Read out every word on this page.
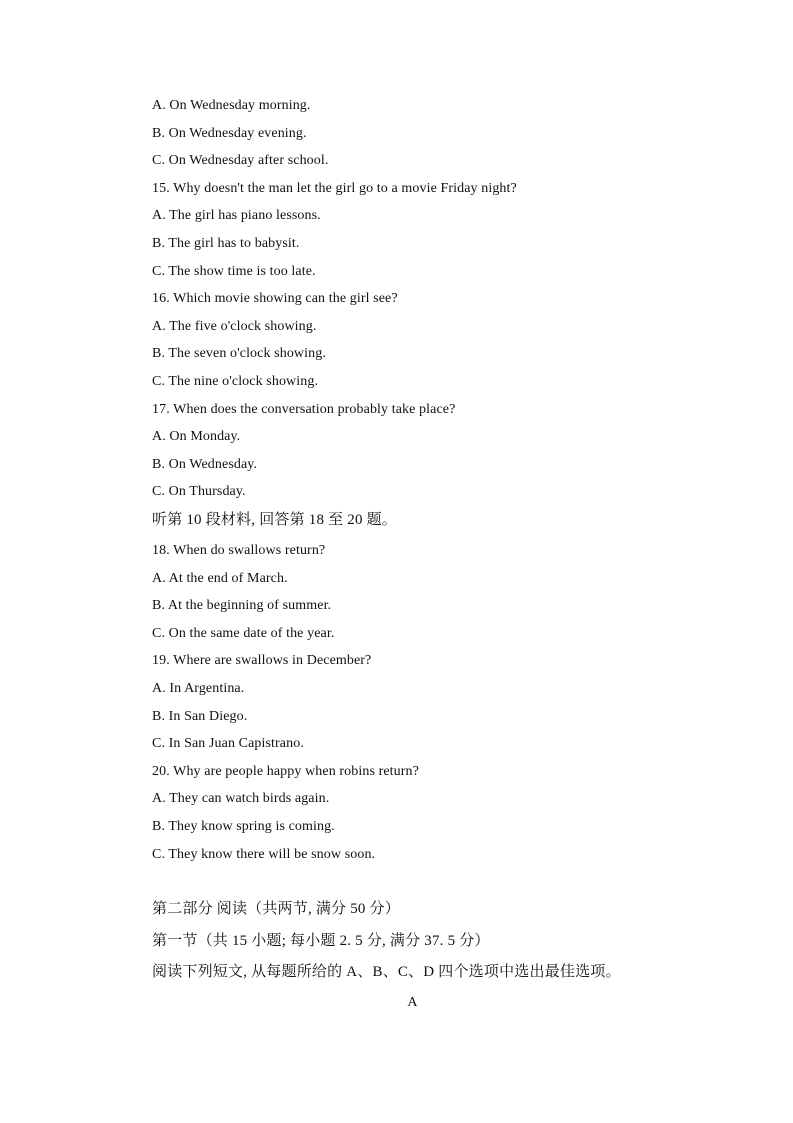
A. On Wednesday morning.

B. On Wednesday evening.

C. On Wednesday after school.

15. Why doesn't the man let the girl go to a movie Friday night?

A. The girl has piano lessons.

B. The girl has to babysit.

C. The show time is too late.

16. Which movie showing can the girl see?

A. The five o'clock showing.

B. The seven o'clock showing.

C. The nine o'clock showing.

17. When does the conversation probably take place?

A. On Monday.

B. On Wednesday.

C. On Thursday.

听第 10 段材料, 回答第 18 至 20 题。

18. When do swallows return?

A. At the end of March.

B. At the beginning of summer.

C. On the same date of the year.

19. Where are swallows in December?

A. In Argentina.

B. In San Diego.

C. In San Juan Capistrano.

20. Why are people happy when robins return?

A. They can watch birds again.

B. They know spring is coming.

C. They know there will be snow soon.

第二部分 阅读（共两节, 满分 50 分）

第一节（共 15 小题; 每小题 2. 5 分, 满分 37. 5 分）

阅读下列短文, 从每题所给的 A、B、C、D 四个选项中选出最佳选项。

A
